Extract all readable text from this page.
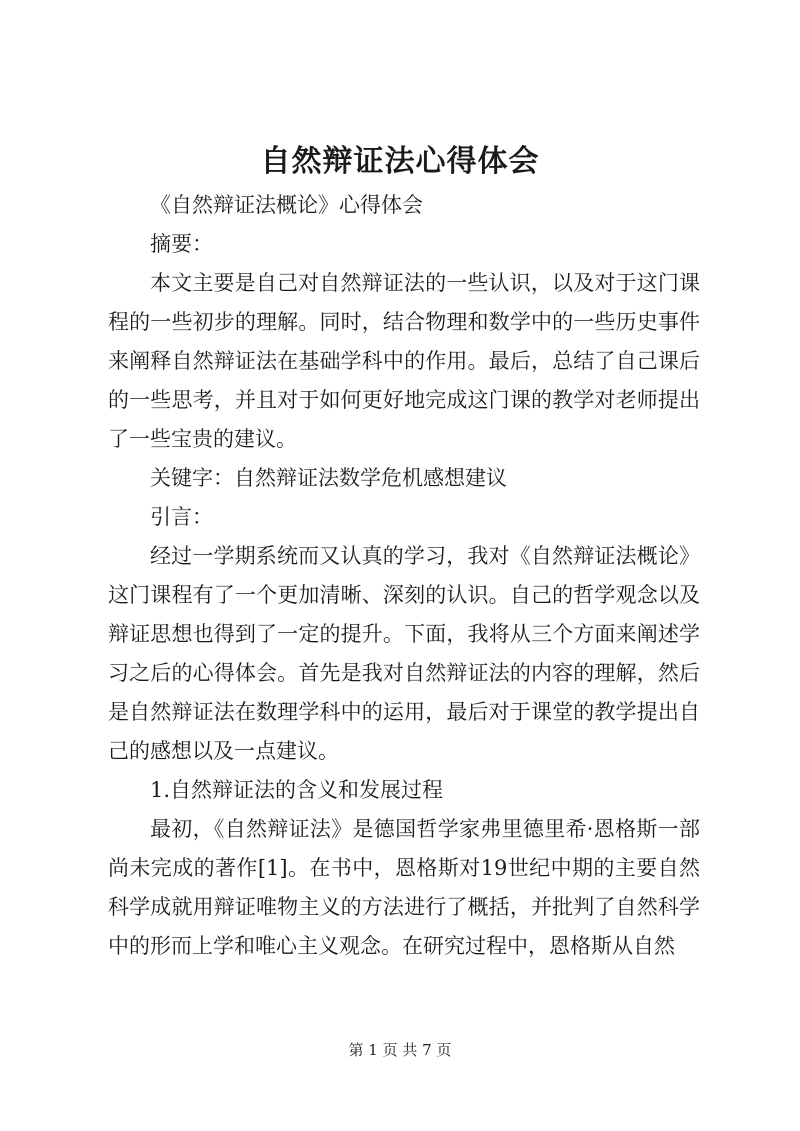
自然辩证法心得体会

《自然辩证法概论》心得体会

摘要：

本文主要是自己对自然辩证法的一些认识，以及对于这门课程的一些初步的理解。同时，结合物理和数学中的一些历史事件来阐释自然辩证法在基础学科中的作用。最后，总结了自己课后的一些思考，并且对于如何更好地完成这门课的教学对老师提出了一些宝贵的建议。

关键字：自然辩证法数学危机感想建议

引言：

经过一学期系统而又认真的学习，我对《自然辩证法概论》这门课程有了一个更加清晰、深刻的认识。自己的哲学观念以及辩证思想也得到了一定的提升。下面，我将从三个方面来阐述学习之后的心得体会。首先是我对自然辩证法的内容的理解，然后是自然辩证法在数理学科中的运用，最后对于课堂的教学提出自己的感想以及一点建议。

1.自然辩证法的含义和发展过程

最初，《自然辩证法》是德国哲学家弗里德里希·恩格斯一部尚未完成的著作[1]。在书中，恩格斯对19世纪中期的主要自然科学成就用辩证唯物主义的方法进行了概括，并批判了自然科学中的形而上学和唯心主义观念。在研究过程中，恩格斯从自然

第 1 页 共 7 页
